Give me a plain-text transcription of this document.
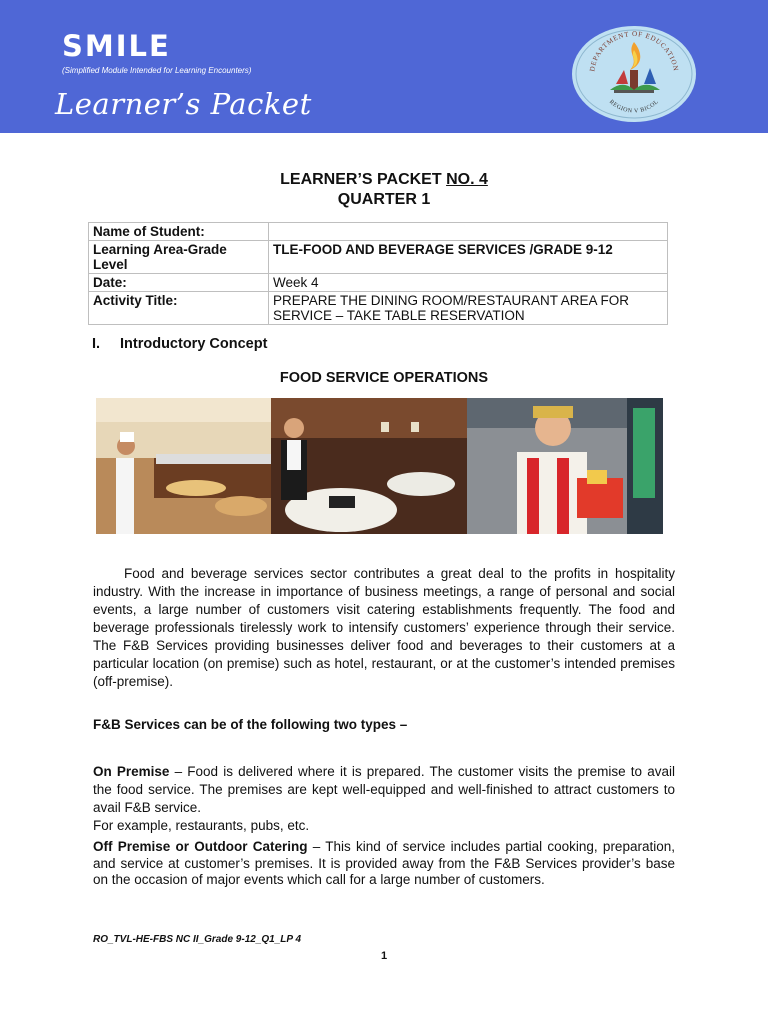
SMILE
(Simplified Module Intended for Learning Encounters)
Learner’s Packet
DEPARTMENT OF EDUCATION
REGION V BICOL
LEARNER’S PACKET NO. 4
QUARTER 1
Name of Student:	
Learning Area-Grade Level	TLE-FOOD AND BEVERAGE SERVICES /GRADE 9-12
Date:	Week 4
Activity Title:	PREPARE THE DINING ROOM/RESTAURANT AREA FOR SERVICE – TAKE TABLE RESERVATION
I. Introductory Concept
FOOD SERVICE OPERATIONS

Food and beverage services sector contributes a great deal to the profits in hospitality industry. With the increase in importance of business meetings, a range of personal and social events, a large number of customers visit catering establishments frequently. The food and beverage professionals tirelessly work to intensify customers’ experience through their service. The F&B Services providing businesses deliver food and beverages to their customers at a particular location (on premise) such as hotel, restaurant, or at the customer’s intended premises (off-premise).

F&B Services can be of the following two types –

On Premise – Food is delivered where it is prepared. The customer visits the premise to avail the food service. The premises are kept well-equipped and well-finished to attract customers to avail F&B service.

For example, restaurants, pubs, etc.

Off Premise or Outdoor Catering – This kind of service includes partial cooking, preparation, and service at customer’s premises. It is provided away from the F&B Services provider’s base on the occasion of major events which call for a large number of customers.

RO_TVL-HE-FBS NC II_Grade 9-12_Q1_LP 4
1
